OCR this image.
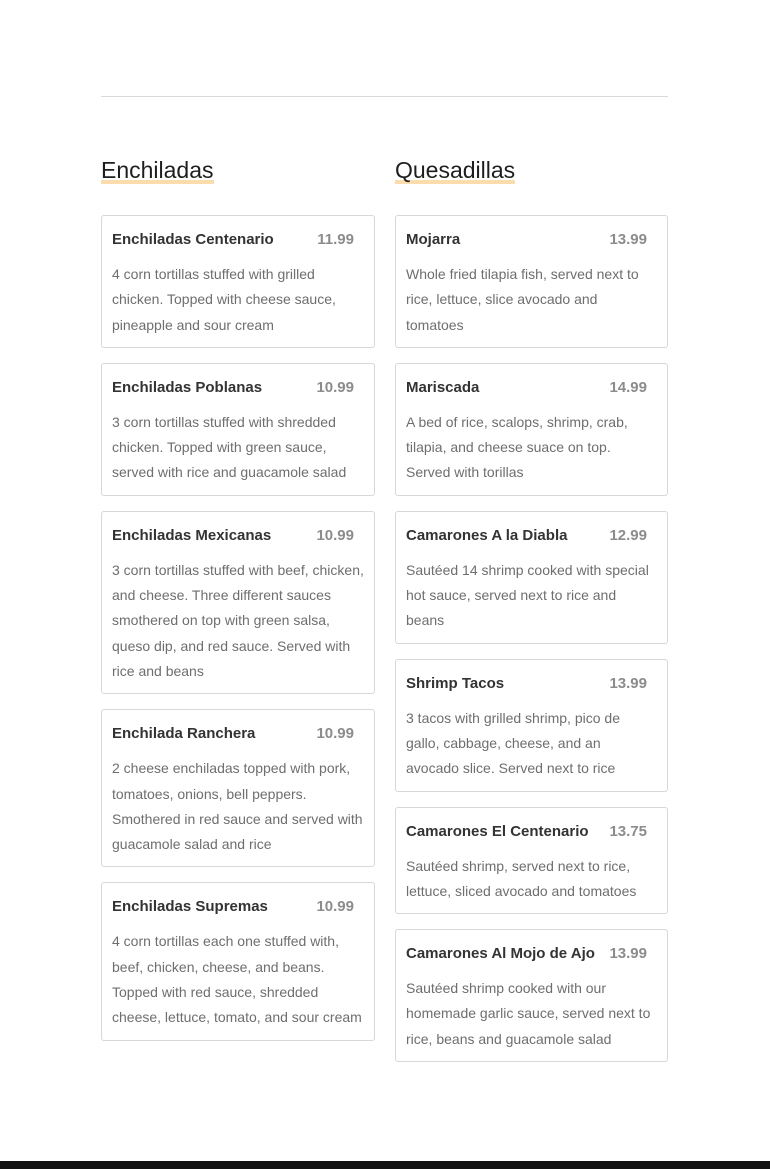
Enchiladas
Enchiladas Centenario	11.99
4 corn tortillas stuffed with grilled chicken. Topped with cheese sauce, pineapple and sour cream
Enchiladas Poblanas	10.99
3 corn tortillas stuffed with shredded chicken. Topped with green sauce, served with rice and guacamole salad
Enchiladas Mexicanas	10.99
3 corn tortillas stuffed with beef, chicken, and cheese. Three different sauces smothered on top with green salsa, queso dip, and red sauce. Served with rice and beans
Enchilada Ranchera	10.99
2 cheese enchiladas topped with pork, tomatoes, onions, bell peppers. Smothered in red sauce and served with guacamole salad and rice
Enchiladas Supremas	10.99
4 corn tortillas each one stuffed with, beef, chicken, cheese, and beans. Topped with red sauce, shredded cheese, lettuce, tomato, and sour cream
Quesadillas
Mojarra	13.99
Whole fried tilapia fish, served next to rice, lettuce, slice avocado and tomatoes
Mariscada	14.99
A bed of rice, scalops, shrimp, crab, tilapia, and cheese suace on top. Served with torillas
Camarones A la Diabla	12.99
Sautéed 14 shrimp cooked with special hot sauce, served next to rice and beans
Shrimp Tacos	13.99
3 tacos with grilled shrimp, pico de gallo, cabbage, cheese, and an avocado slice. Served next to rice
Camarones El Centenario 13.75
Sautéed shrimp, served next to rice, lettuce, sliced avocado and tomatoes
Camarones Al Mojo de Ajo 13.99
Sautéed shrimp cooked with our homemade garlic sauce, served next to rice, beans and guacamole salad
